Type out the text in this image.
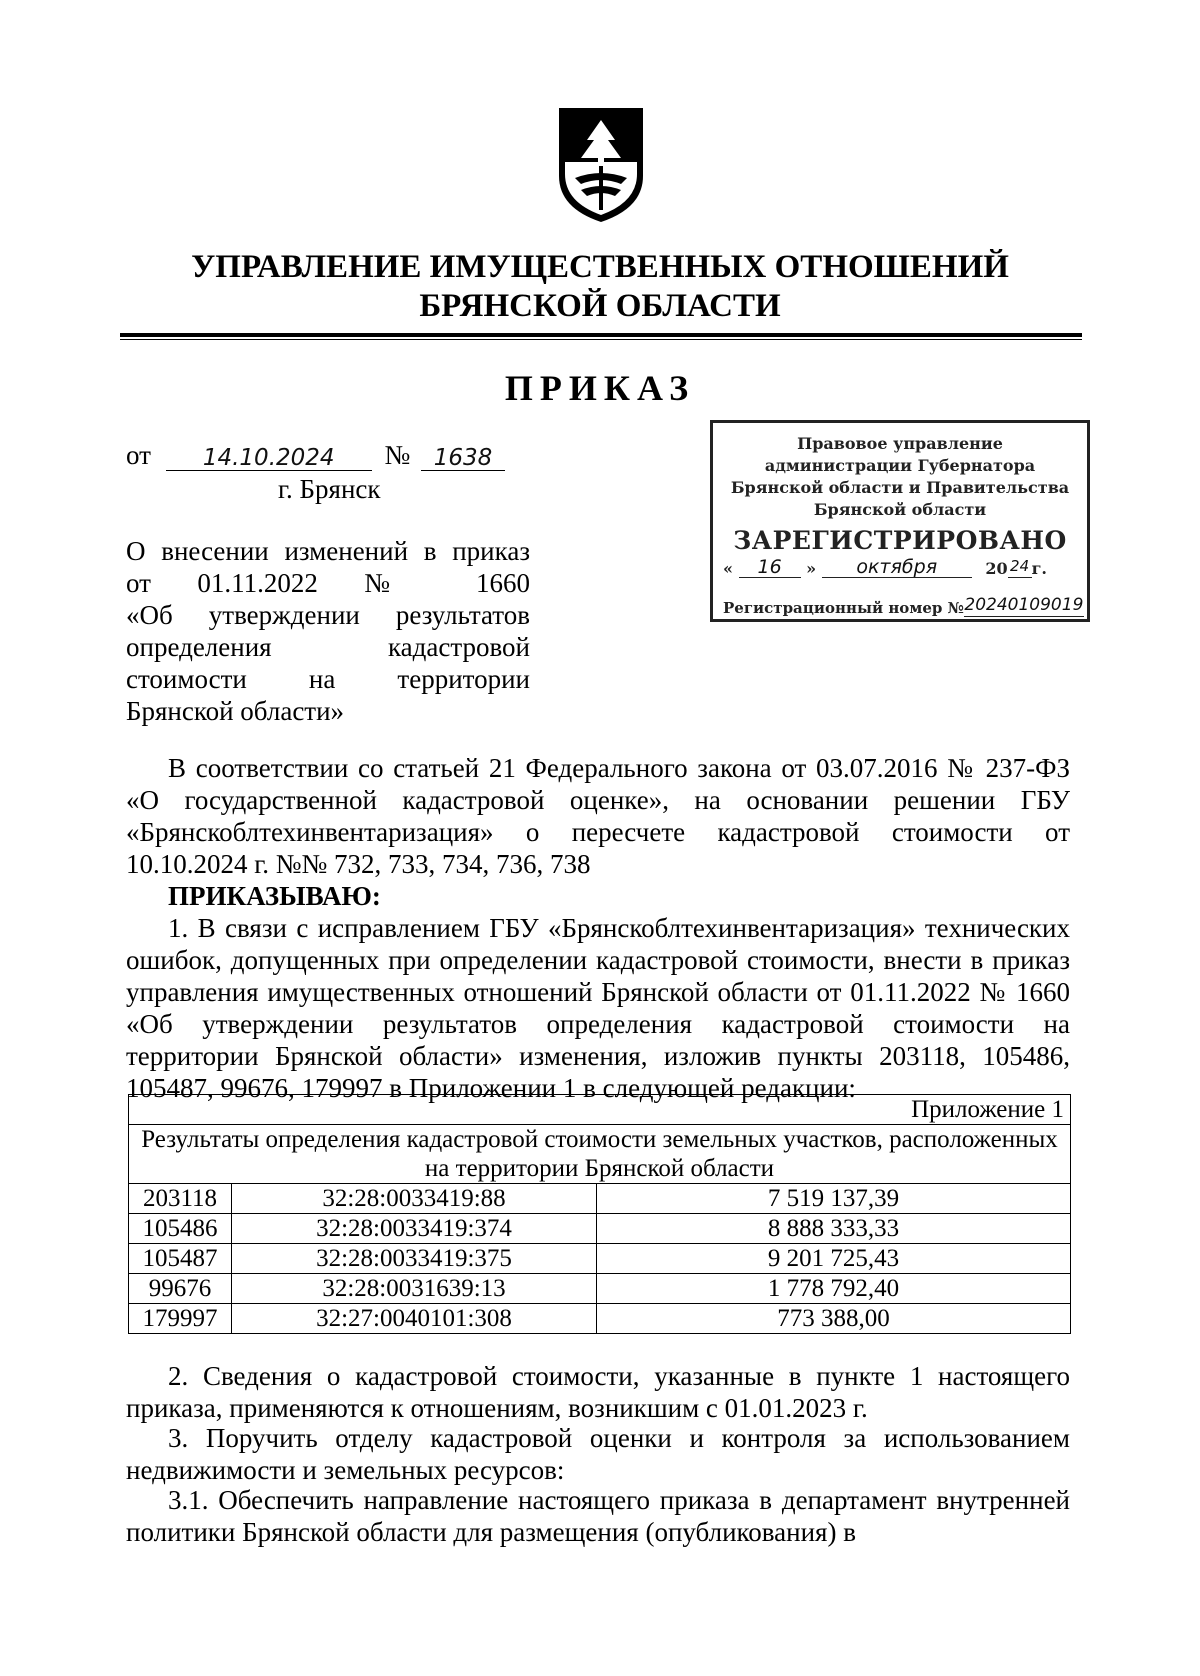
УПРАВЛЕНИЕ ИМУЩЕСТВЕННЫХ ОТНОШЕНИЙ
БРЯНСКОЙ ОБЛАСТИ
ПРИКАЗ
от 14.10.2024 № 1638
г. Брянск
Правовое управление
администрации Губернатора
Брянской области и Правительства
Брянской области
ЗАРЕГИСТРИРОВАНО
« 16 » октября	20 24 г.
Регистрационный номер №20240109019
О внесении изменений в приказ
от 01.11.2022 № 1660
«Об утверждении результатов
определения кадастровой
стоимости на территории
Брянской области»
В соответствии со статьей 21 Федерального закона от 03.07.2016 № 237-ФЗ «О государственной кадастровой оценке», на основании решении ГБУ «Брянскоблтехинвентаризация» о пересчете кадастровой стоимости от 10.10.2024 г. №№ 732, 733, 734, 736, 738
ПРИКАЗЫВАЮ:
1. В связи с исправлением ГБУ «Брянскоблтехинвентаризация» технических ошибок, допущенных при определении кадастровой стоимости, внести в приказ управления имущественных отношений Брянской области от 01.11.2022 № 1660 «Об утверждении результатов определения кадастровой стоимости на территории Брянской области» изменения, изложив пункты 203118, 105486, 105487, 99676, 179997 в Приложении 1 в следующей редакции:
Приложение 1		
Результаты определения кадастровой стоимости земельных участков, расположенных на территории Брянской области		
203118	32:28:0033419:88	7 519 137,39
105486	32:28:0033419:374	8 888 333,33
105487	32:28:0033419:375	9 201 725,43
99676	32:28:0031639:13	1 778 792,40
179997	32:27:0040101:308	773 388,00
2. Сведения о кадастровой стоимости, указанные в пункте 1 настоящего приказа, применяются к отношениям, возникшим с 01.01.2023 г.
3. Поручить отделу кадастровой оценки и контроля за использованием недвижимости и земельных ресурсов:
3.1. Обеспечить направление настоящего приказа в департамент внутренней политики Брянской области для размещения (опубликования) в
